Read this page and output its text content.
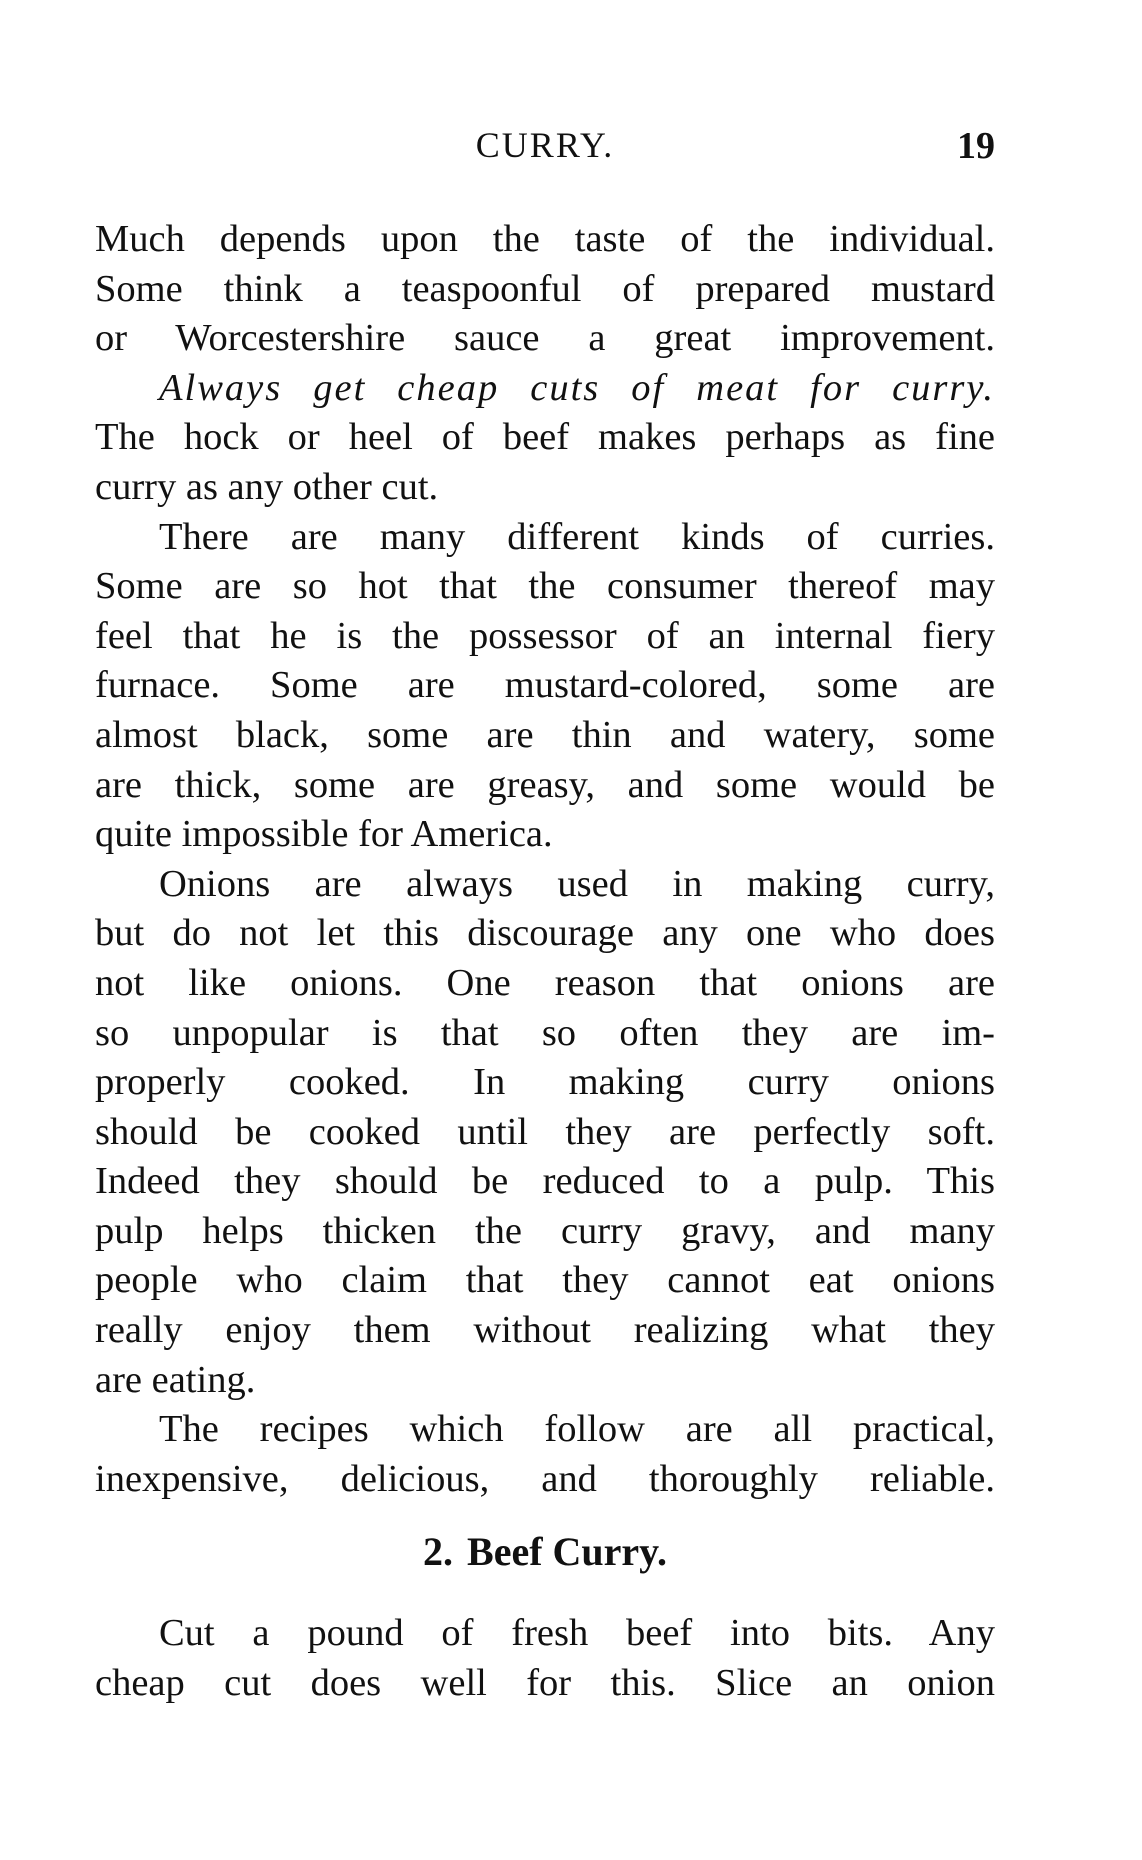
CURRY.	19

Much depends upon the taste of the individual.
Some think a teaspoonful of prepared mustard
or Worcestershire sauce a great improvement.

Always get cheap cuts of meat for curry.
The hock or heel of beef makes perhaps as fine
curry as any other cut.

There are many different kinds of curries.
Some are so hot that the consumer thereof may
feel that he is the possessor of an internal fiery
furnace. Some are mustard-colored, some are
almost black, some are thin and watery, some
are thick, some are greasy, and some would be
quite impossible for America.

Onions are always used in making curry,
but do not let this discourage any one who does
not like onions. One reason that onions are
so unpopular is that so often they are im-
properly cooked. In making curry onions
should be cooked until they are perfectly soft.
Indeed they should be reduced to a pulp. This
pulp helps thicken the curry gravy, and many
people who claim that they cannot eat onions
really enjoy them without realizing what they
are eating.

The recipes which follow are all practical,
inexpensive, delicious, and thoroughly reliable.

2. Beef Curry.
Cut a pound of fresh beef into bits. Any
cheap cut does well for this. Slice an onion
